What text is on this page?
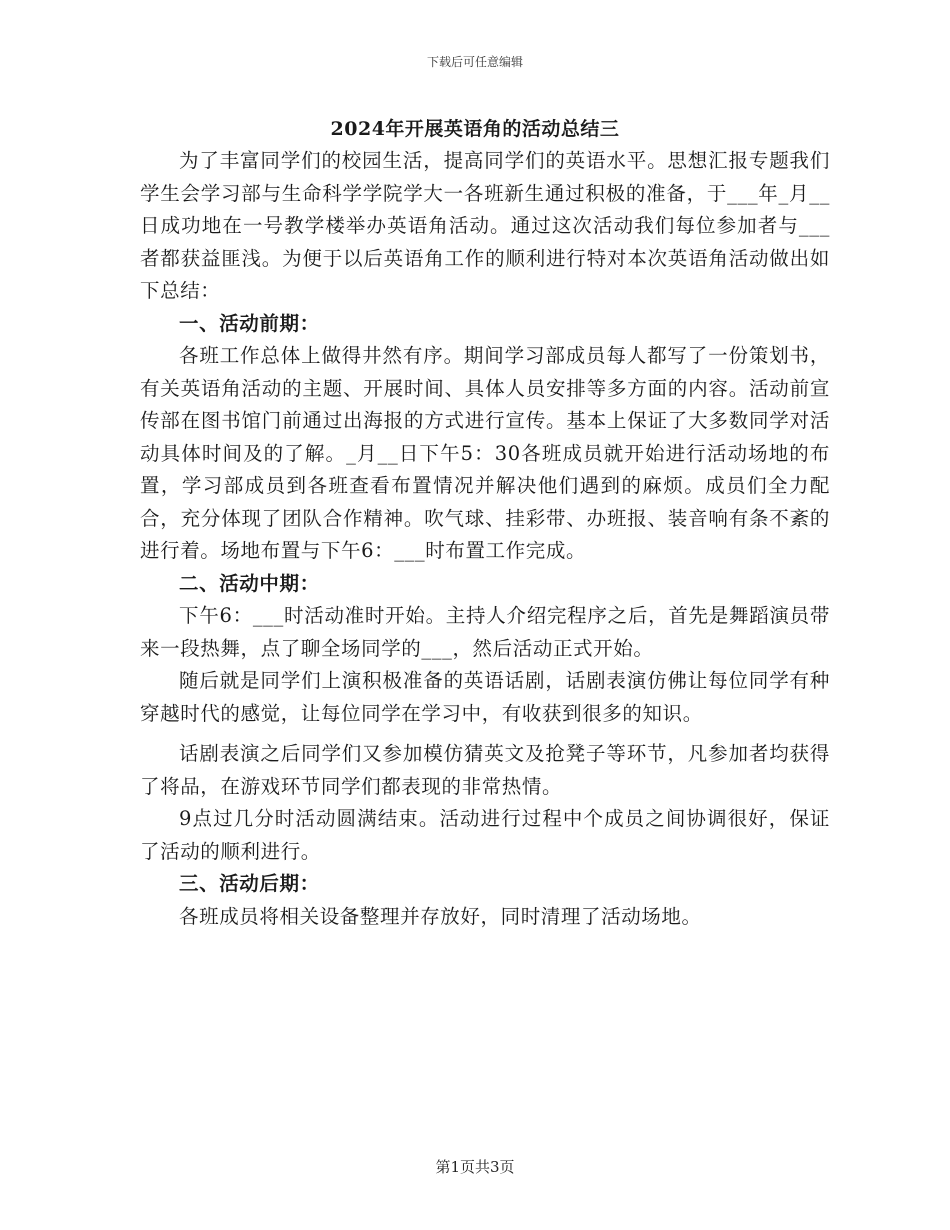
下载后可任意编辑
2024年开展英语角的活动总结三

为了丰富同学们的校园生活，提高同学们的英语水平。思想汇报专题我们学生会学习部与生命科学学院学大一各班新生通过积极的准备，于___年_月__日成功地在一号教学楼举办英语角活动。通过这次活动我们每位参加者与___者都获益匪浅。为便于以后英语角工作的顺利进行特对本次英语角活动做出如下总结：

一、活动前期：

各班工作总体上做得井然有序。期间学习部成员每人都写了一份策划书，有关英语角活动的主题、开展时间、具体人员安排等多方面的内容。活动前宣传部在图书馆门前通过出海报的方式进行宣传。基本上保证了大多数同学对活动具体时间及的了解。_月__日下午5：30各班成员就开始进行活动场地的布置，学习部成员到各班查看布置情况并解决他们遇到的麻烦。成员们全力配合，充分体现了团队合作精神。吹气球、挂彩带、办班报、装音响有条不紊的进行着。场地布置与下午6：___时布置工作完成。

二、活动中期：

下午6：___时活动准时开始。主持人介绍完程序之后，首先是舞蹈演员带来一段热舞，点了聊全场同学的___，然后活动正式开始。

随后就是同学们上演积极准备的英语话剧，话剧表演仿佛让每位同学有种穿越时代的感觉，让每位同学在学习中，有收获到很多的知识。

话剧表演之后同学们又参加模仿猜英文及抢凳子等环节，凡参加者均获得了将品，在游戏环节同学们都表现的非常热情。

9点过几分时活动圆满结束。活动进行过程中个成员之间协调很好，保证了活动的顺利进行。

三、活动后期：

各班成员将相关设备整理并存放好，同时清理了活动场地。

第1页共3页
